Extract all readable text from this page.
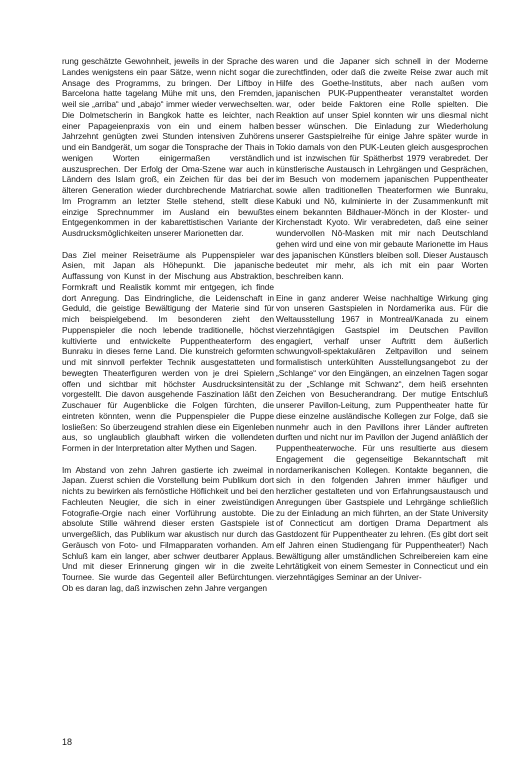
rung geschätzte Gewohnheit, jeweils in der Sprache des Landes wenigstens ein paar Sätze, wenn nicht sogar die Ansage des Programms, zu bringen. Der Liftboy in Barcelona hatte tagelang Mühe mit uns, den Fremden, weil sie „arriba“ und „abajo“ immer wieder verwechselten. Die Dolmetscherin in Bangkok hatte es leichter, nach einer Papageienpraxis von ein und einem halben Jahrzehnt genügten zwei Stunden intensiven Zuhörens und ein Bandgerät, um sogar die Tonsprache der Thais in wenigen Worten einigermaßen verständlich auszusprechen. Der Erfolg der Oma-Szene war auch in Ländern des Islam groß, ein Zeichen für das bei der älteren Generation wieder durchbrechende Matriarchat. Im Programm an letzter Stelle stehend, stellt diese einzige Sprechnummer im Ausland ein bewußtes Entgegenkommen in der kabarettistischen Variante der Ausdrucksmöglichkeiten unserer Marionetten dar.

Das Ziel meiner Reiseträume als Puppenspieler war Asien, mit Japan als Höhepunkt. Die japanische Auffassung von Kunst in der Mischung aus Abstraktion, Formkraft und Realistik kommt mir entgegen, ich finde dort Anregung. Das Eindringliche, die Leidenschaft in Geduld, die geistige Bewältigung der Materie sind für mich beispielgebend. Im besonderen zieht den Puppenspieler die noch lebende traditionelle, höchst kultivierte und entwickelte Puppentheaterform des Bunraku in dieses ferne Land. Die kunstreich geformten und mit sinnvoll perfekter Technik ausgestatteten und bewegten Theaterfiguren werden von je drei Spielern offen und sichtbar mit höchster Ausdrucksintensität vorgestellt. Die davon ausgehende Faszination läßt den Zuschauer für Augenblicke die Folgen fürchten, die eintreten könnten, wenn die Puppenspieler die Puppe losließen: So überzeugend strahlen diese ein Eigenleben aus, so unglaublich glaubhaft wirken die vollendeten Formen in der Interpretation alter Mythen und Sagen.

Im Abstand von zehn Jahren gastierte ich zweimal in Japan. Zuerst schien die Vorstellung beim Publikum dort nichts zu bewirken als fernöstliche Höflichkeit und bei den Fachleuten Neugier, die sich in einer zweistündigen Fotografie-Orgie nach einer Vorführung austobte. Die absolute Stille während dieser ersten Gastspiele ist unvergeßlich, das Publikum war akustisch nur durch das Geräusch von Foto- und Filmapparaten vorhanden. Am Schluß kam ein langer, aber schwer deutbarer Applaus. Und mit dieser Erinnerung gingen wir in die zweite Tournee. Sie wurde das Gegenteil aller Befürchtungen. Ob es daran lag, daß inzwischen zehn Jahre vergangen

waren und die Japaner sich schnell in der Moderne zurechtfinden, oder daß die zweite Reise zwar auch mit Hilfe des Goethe-Instituts, aber nach außen vom japanischen PUK-Puppentheater veranstaltet worden war, oder beide Faktoren eine Rolle spielten. Die Reaktion auf unser Spiel konnten wir uns diesmal nicht besser wünschen. Die Einladung zur Wiederholung unserer Gastspielreihe für einige Jahre später wurde in Tokio damals von den PUK-Leuten gleich ausgesprochen und ist inzwischen für Spätherbst 1979 verabredet. Der künstlerische Austausch in Lehrgängen und Gesprächen, im Besuch von modernem japanischen Puppentheater sowie allen traditionellen Theaterformen wie Bunraku, Kabuki und Nô, kulminierte in der Zusammenkunft mit einem bekannten Bildhauer-Mönch in der Kloster- und Kirchenstadt Kyoto. Wir verabredeten, daß eine seiner wundervollen Nô-Masken mit mir nach Deutschland gehen wird und eine von mir gebaute Marionette im Haus des japanischen Künstlers bleiben soll. Dieser Austausch bedeutet mir mehr, als ich mit ein paar Worten beschreiben kann.

Eine in ganz anderer Weise nachhaltige Wirkung ging von unseren Gastspielen in Nordamerika aus. Für die Weltausstellung 1967 in Montreal/Kanada zu einem vierzehntägigen Gastspiel im Deutschen Pavillon engagiert, verhalf unser Auftritt dem äußerlich schwungvoll-spektakulären Zeltpavillon und seinem formalistisch unterkühlten Ausstellungsangebot zu der „Schlange“ vor den Eingängen, an einzelnen Tagen sogar zu der „Schlange mit Schwanz“, dem heiß ersehnten Zeichen von Besucherandrang. Der mutige Entschluß unserer Pavillon-Leitung, zum Puppentheater hatte für diese einzelne ausländische Kollegen zur Folge, daß sie nunmehr auch in den Pavillons ihrer Länder auftreten durften und nicht nur im Pavillon der Jugend anläßlich der Puppentheaterwoche. Für uns resultierte aus diesem Engagement die gegenseitige Bekanntschaft mit nordamerikanischen Kollegen. Kontakte begannen, die sich in den folgenden Jahren immer häufiger und herzlicher gestalteten und von Erfahrungsaustausch und Anregungen über Gastspiele und Lehrgänge schließlich zu der Einladung an mich führten, an der State University of Connecticut am dortigen Drama Department als Gastdozent für Puppentheater zu lehren. (Es gibt dort seit elf Jahren einen Studiengang für Puppentheater!) Nach Bewältigung aller umständlichen Schreibereien kam eine Lehrtätigkeit von einem Semester in Connecticut und ein vierzehntägiges Seminar an der Univer-

18
